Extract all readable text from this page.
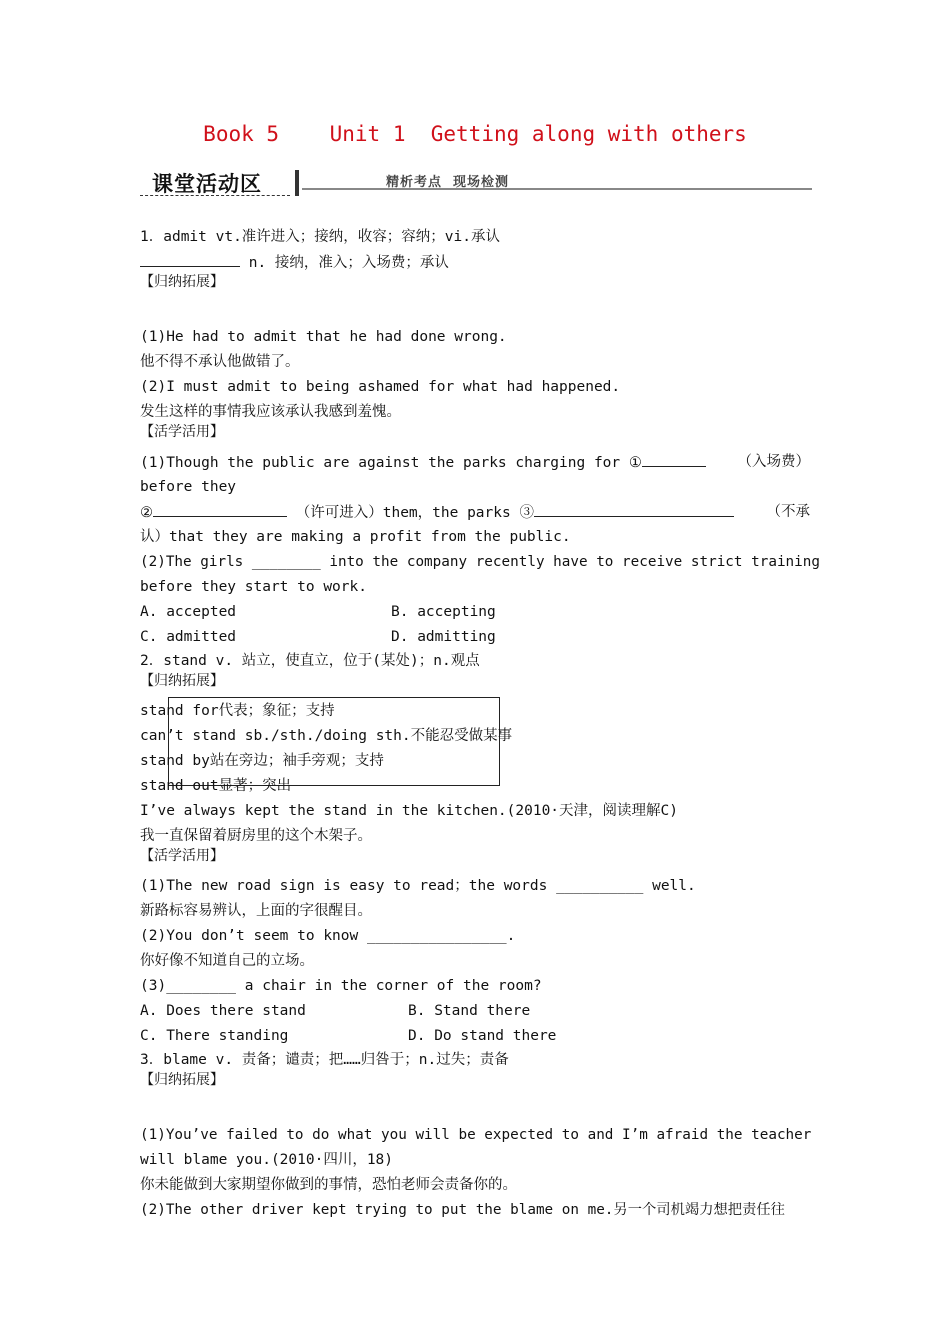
Book 5    Unit 1  Getting along with others
课堂活动区	精析考点  现场检测
1．admit vt.准许进入；接纳，收容；容纳；vi.承认
n. 接纳，准入；入场费；承认
【归纳拓展】
(1)He had to admit that he had done wrong.
他不得不承认他做错了。
(2)I must admit to being ashamed for what had happened.
发生这样的事情我应该承认我感到羞愧。
【活学活用】
(1)Though the public are against the parks charging for ①	（入场费）
before they
②	（许可进入）them，the parks ③	（不承
认）that they are making a profit from the public.
(2)The girls ________ into the company recently have to receive strict training
before they start to work.
A. accepted	B. accepting
C. admitted	D. admitting
2．stand v. 站立，使直立，位于(某处)；n.观点
【归纳拓展】
stand for代表；象征；支持
can’t stand sb./sth./doing sth.不能忍受做某事
stand by站在旁边；袖手旁观；支持
stand out显著；突出
I’ve always kept the stand in the kitchen.(2010·天津，阅读理解C)
我一直保留着厨房里的这个木架子。
【活学活用】
(1)The new road sign is easy to read；the words __________ well.
新路标容易辨认，上面的字很醒目。
(2)You don’t seem to know ________________.
你好像不知道自己的立场。
(3)________ a chair in the corner of the room?
A. Does there stand	B. Stand there
C. There standing	D. Do stand there
3．blame v. 责备；谴责；把……归咎于；n.过失；责备
【归纳拓展】
(1)You’ve failed to do what you will be expected to and I’m afraid the teacher
will blame you.(2010·四川，18)
你未能做到大家期望你做到的事情，恐怕老师会责备你的。
(2)The other driver kept trying to put the blame on me.另一个司机竭力想把责任往
